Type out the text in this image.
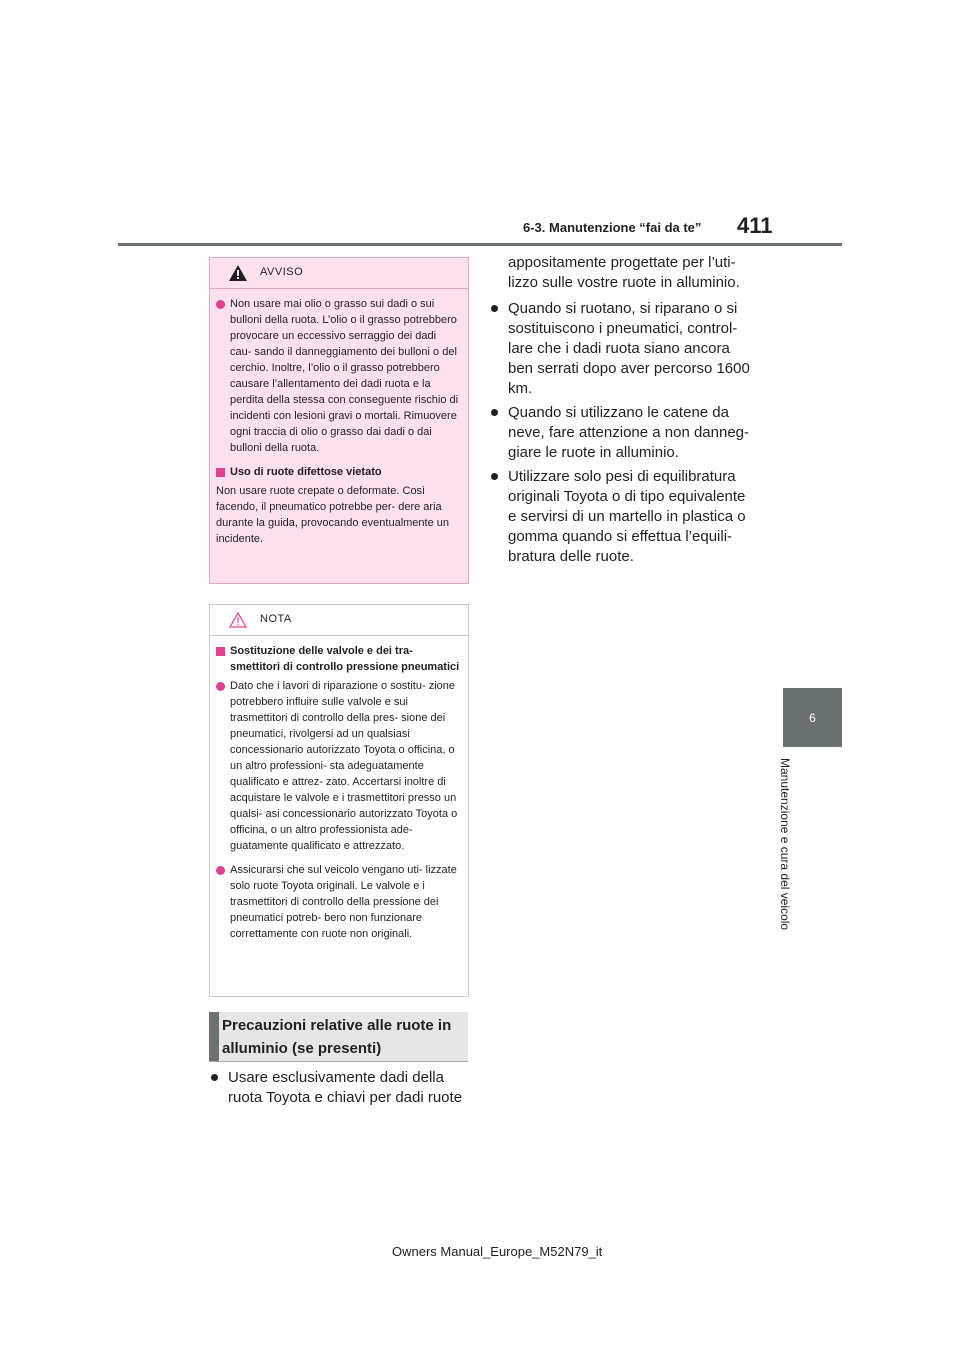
6-3. Manutenzione “fai da te” 411
6
Manutenzione e cura del veicolo
AVVISO
Non usare mai olio o grasso sui dadi o sui bulloni della ruota. L’olio o il grasso potrebbero provocare un eccessivo serraggio dei dadi cau- sando il danneggiamento dei bulloni o del cerchio. Inoltre, l’olio o il grasso potrebbero causare l’allentamento dei dadi ruota e la perdita della stessa con conseguente rischio di incidenti con lesioni gravi o mortali. Rimuovere ogni traccia di olio o grasso dai dadi o dai bulloni della ruota.
Uso di ruote difettose vietato
Non usare ruote crepate o deformate. Così facendo, il pneumatico potrebbe per- dere aria durante la guida, provocando eventualmente un incidente.
NOTA
Sostituzione delle valvole e dei tra- smettitori di controllo pressione pneumatici
Dato che i lavori di riparazione o sostitu- zione potrebbero influire sulle valvole e sui trasmettitori di controllo della pres- sione dei pneumatici, rivolgersi ad un qualsiasi concessionario autorizzato Toyota o officina, o un altro professioni- sta adeguatamente qualificato e attrez- zato. Accertarsi inoltre di acquistare le valvole e i trasmettitori presso un qualsi- asi concessionario autorizzato Toyota o officina, o un altro professionista ade- guatamente qualificato e attrezzato.
Assicurarsi che sul veicolo vengano uti- lizzate solo ruote Toyota originali. Le valvole e i trasmettitori di controllo della pressione dei pneumatici potreb- bero non funzionare correttamente con ruote non originali.
Precauzioni relative alle ruote in alluminio (se presenti)
Usare esclusivamente dadi della ruota Toyota e chiavi per dadi ruote
appositamente progettate per l’uti- lizzo sulle vostre ruote in alluminio.
Quando si ruotano, si riparano o si sostituiscono i pneumatici, control- lare che i dadi ruota siano ancora ben serrati dopo aver percorso 1600 km.
Quando si utilizzano le catene da neve, fare attenzione a non danneg- giare le ruote in alluminio.
Utilizzare solo pesi di equilibratura originali Toyota o di tipo equivalente e servirsi di un martello in plastica o gomma quando si effettua l’equili- bratura delle ruote.
Owners Manual_Europe_M52N79_it
